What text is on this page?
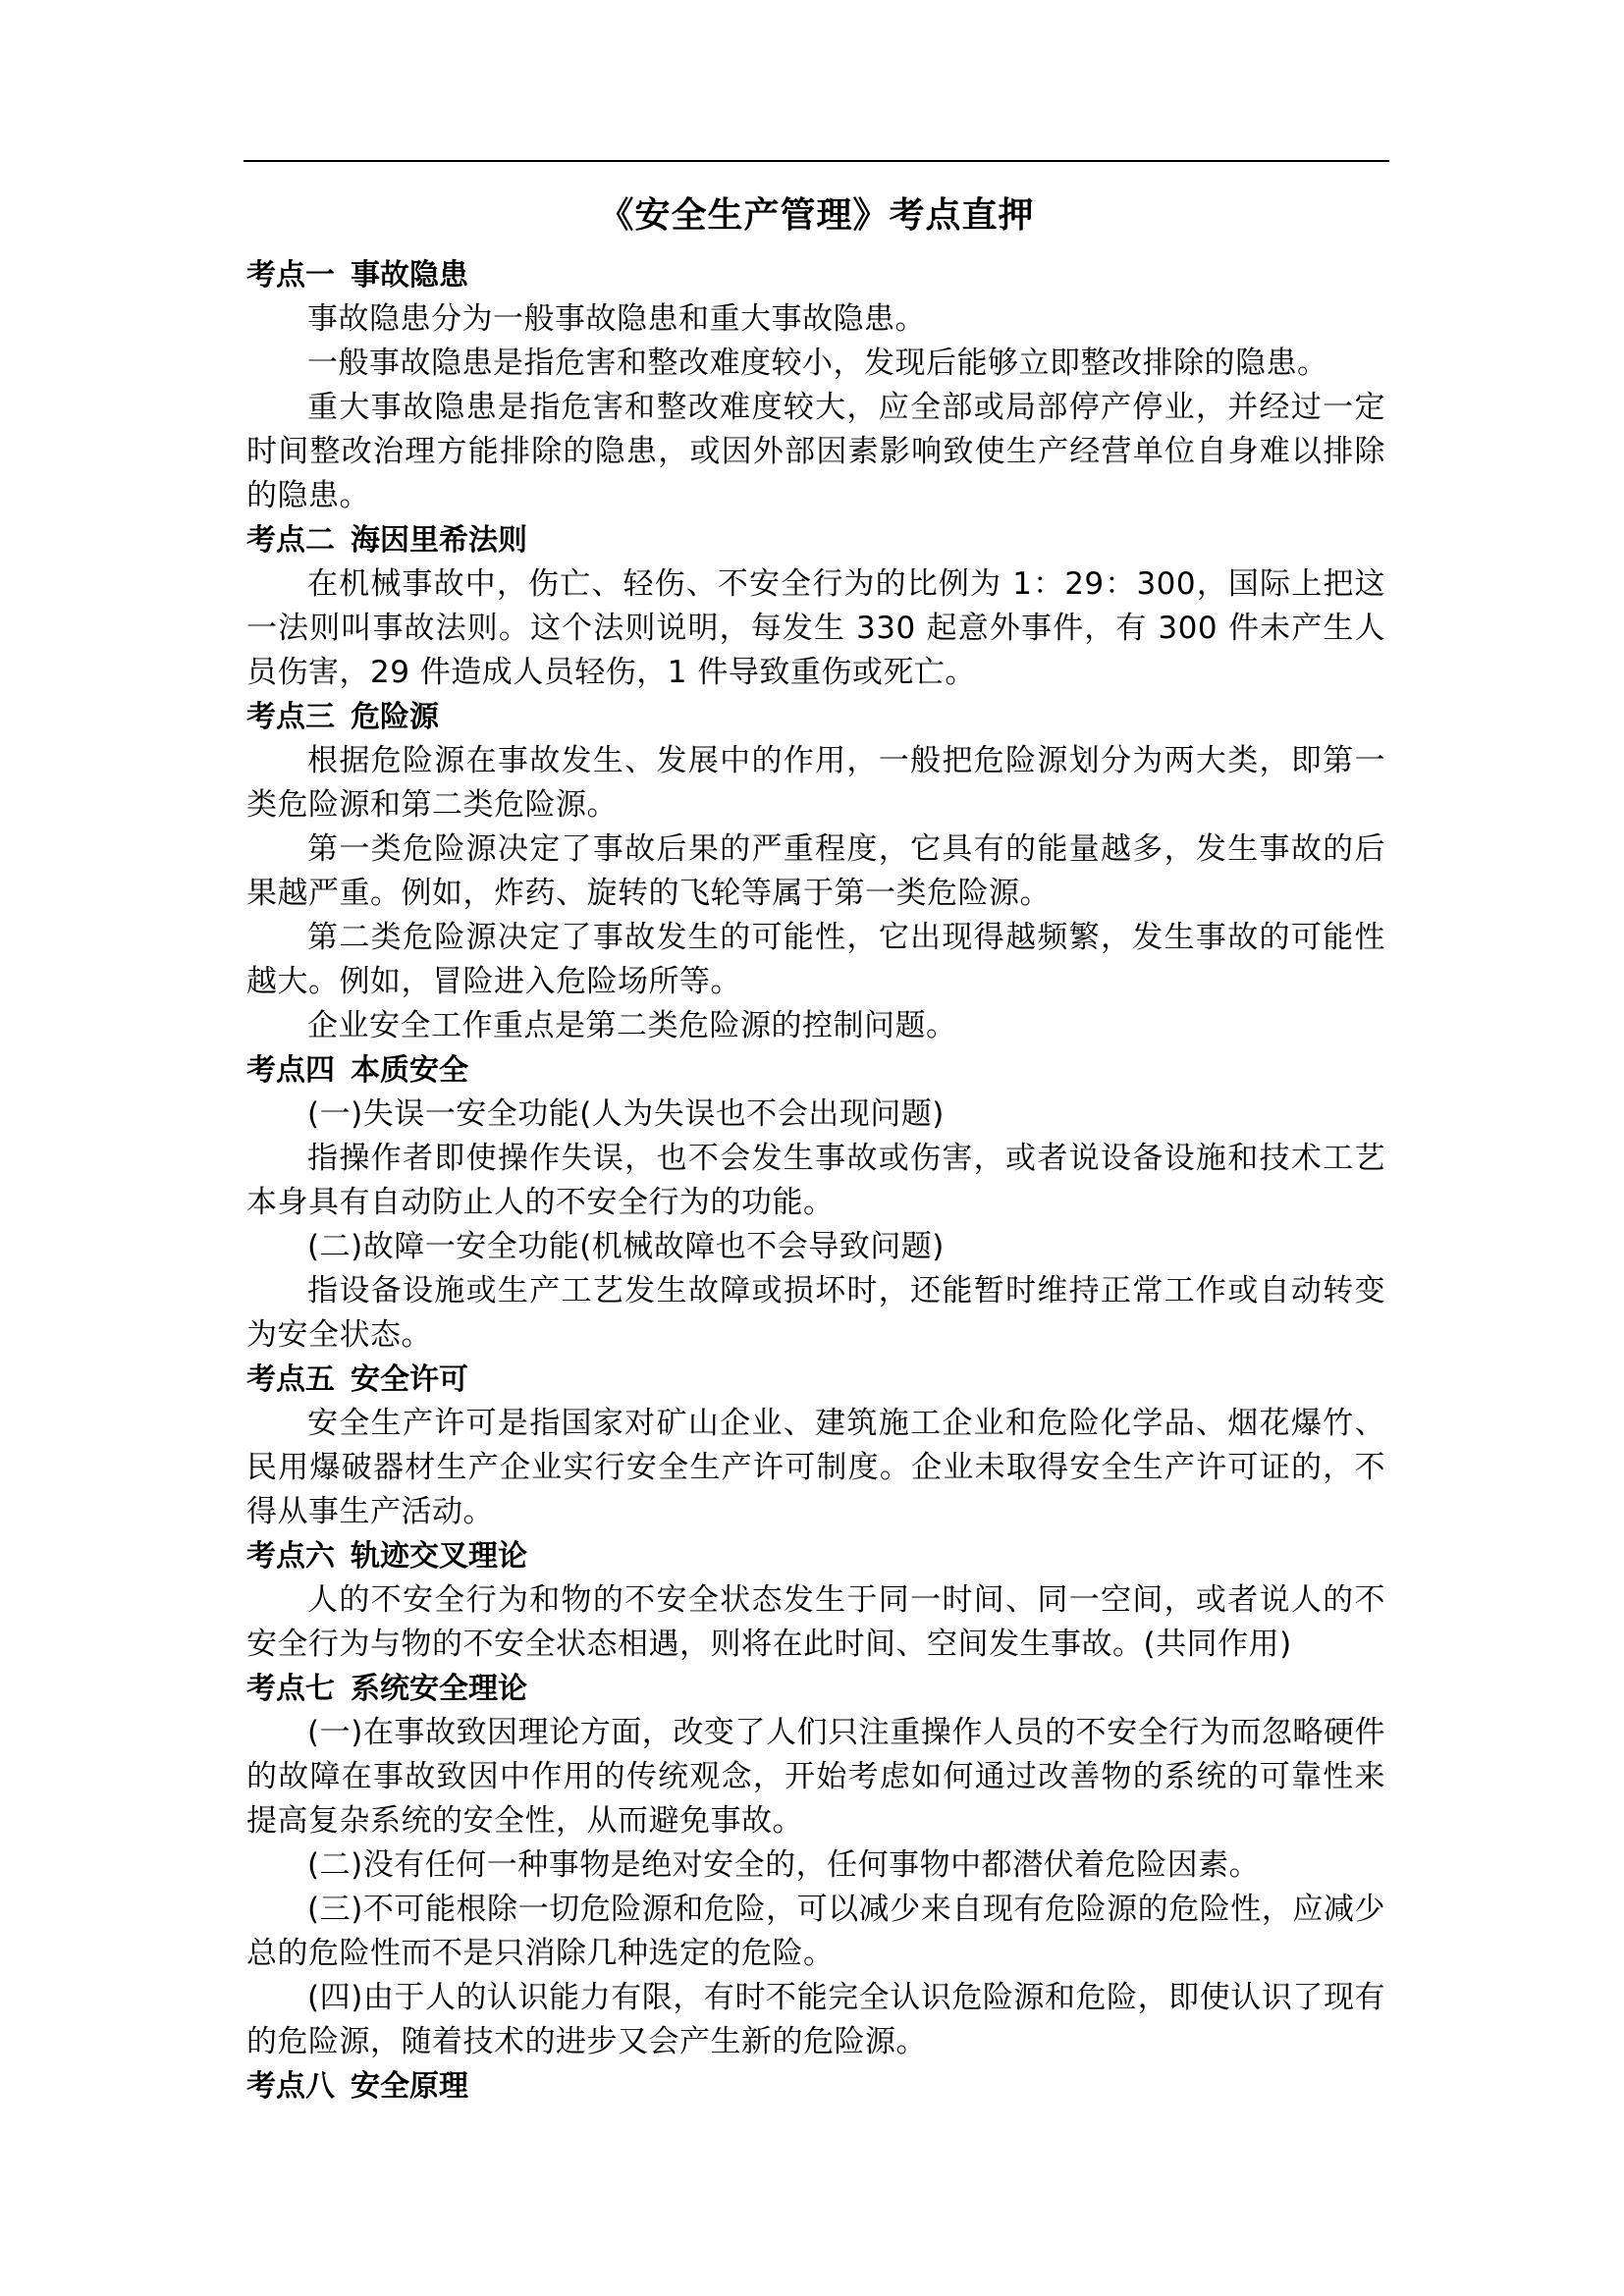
《安全生产管理》考点直押
考点一 事故隐患

事故隐患分为一般事故隐患和重大事故隐患。

一般事故隐患是指危害和整改难度较小，发现后能够立即整改排除的隐患。

重大事故隐患是指危害和整改难度较大，应全部或局部停产停业，并经过一定时间整改治理方能排除的隐患，或因外部因素影响致使生产经营单位自身难以排除的隐患。

考点二 海因里希法则

在机械事故中，伤亡、轻伤、不安全行为的比例为 1：29：300，国际上把这一法则叫事故法则。这个法则说明，每发生 330 起意外事件，有 300 件未产生人员伤害，29 件造成人员轻伤，1 件导致重伤或死亡。

考点三 危险源

根据危险源在事故发生、发展中的作用，一般把危险源划分为两大类，即第一类危险源和第二类危险源。

第一类危险源决定了事故后果的严重程度，它具有的能量越多，发生事故的后果越严重。例如，炸药、旋转的飞轮等属于第一类危险源。

第二类危险源决定了事故发生的可能性，它出现得越频繁，发生事故的可能性越大。例如，冒险进入危险场所等。

企业安全工作重点是第二类危险源的控制问题。

考点四 本质安全

(一)失误一安全功能(人为失误也不会出现问题)

指操作者即使操作失误，也不会发生事故或伤害，或者说设备设施和技术工艺本身具有自动防止人的不安全行为的功能。

(二)故障一安全功能(机械故障也不会导致问题)

指设备设施或生产工艺发生故障或损坏时，还能暂时维持正常工作或自动转变为安全状态。

考点五 安全许可

安全生产许可是指国家对矿山企业、建筑施工企业和危险化学品、烟花爆竹、民用爆破器材生产企业实行安全生产许可制度。企业未取得安全生产许可证的，不得从事生产活动。

考点六 轨迹交叉理论

人的不安全行为和物的不安全状态发生于同一时间、同一空间，或者说人的不安全行为与物的不安全状态相遇，则将在此时间、空间发生事故。(共同作用)

考点七 系统安全理论

(一)在事故致因理论方面，改变了人们只注重操作人员的不安全行为而忽略硬件的故障在事故致因中作用的传统观念，开始考虑如何通过改善物的系统的可靠性来提高复杂系统的安全性，从而避免事故。

(二)没有任何一种事物是绝对安全的，任何事物中都潜伏着危险因素。

(三)不可能根除一切危险源和危险，可以减少来自现有危险源的危险性，应减少总的危险性而不是只消除几种选定的危险。

(四)由于人的认识能力有限，有时不能完全认识危险源和危险，即使认识了现有的危险源，随着技术的进步又会产生新的危险源。

考点八 安全原理
